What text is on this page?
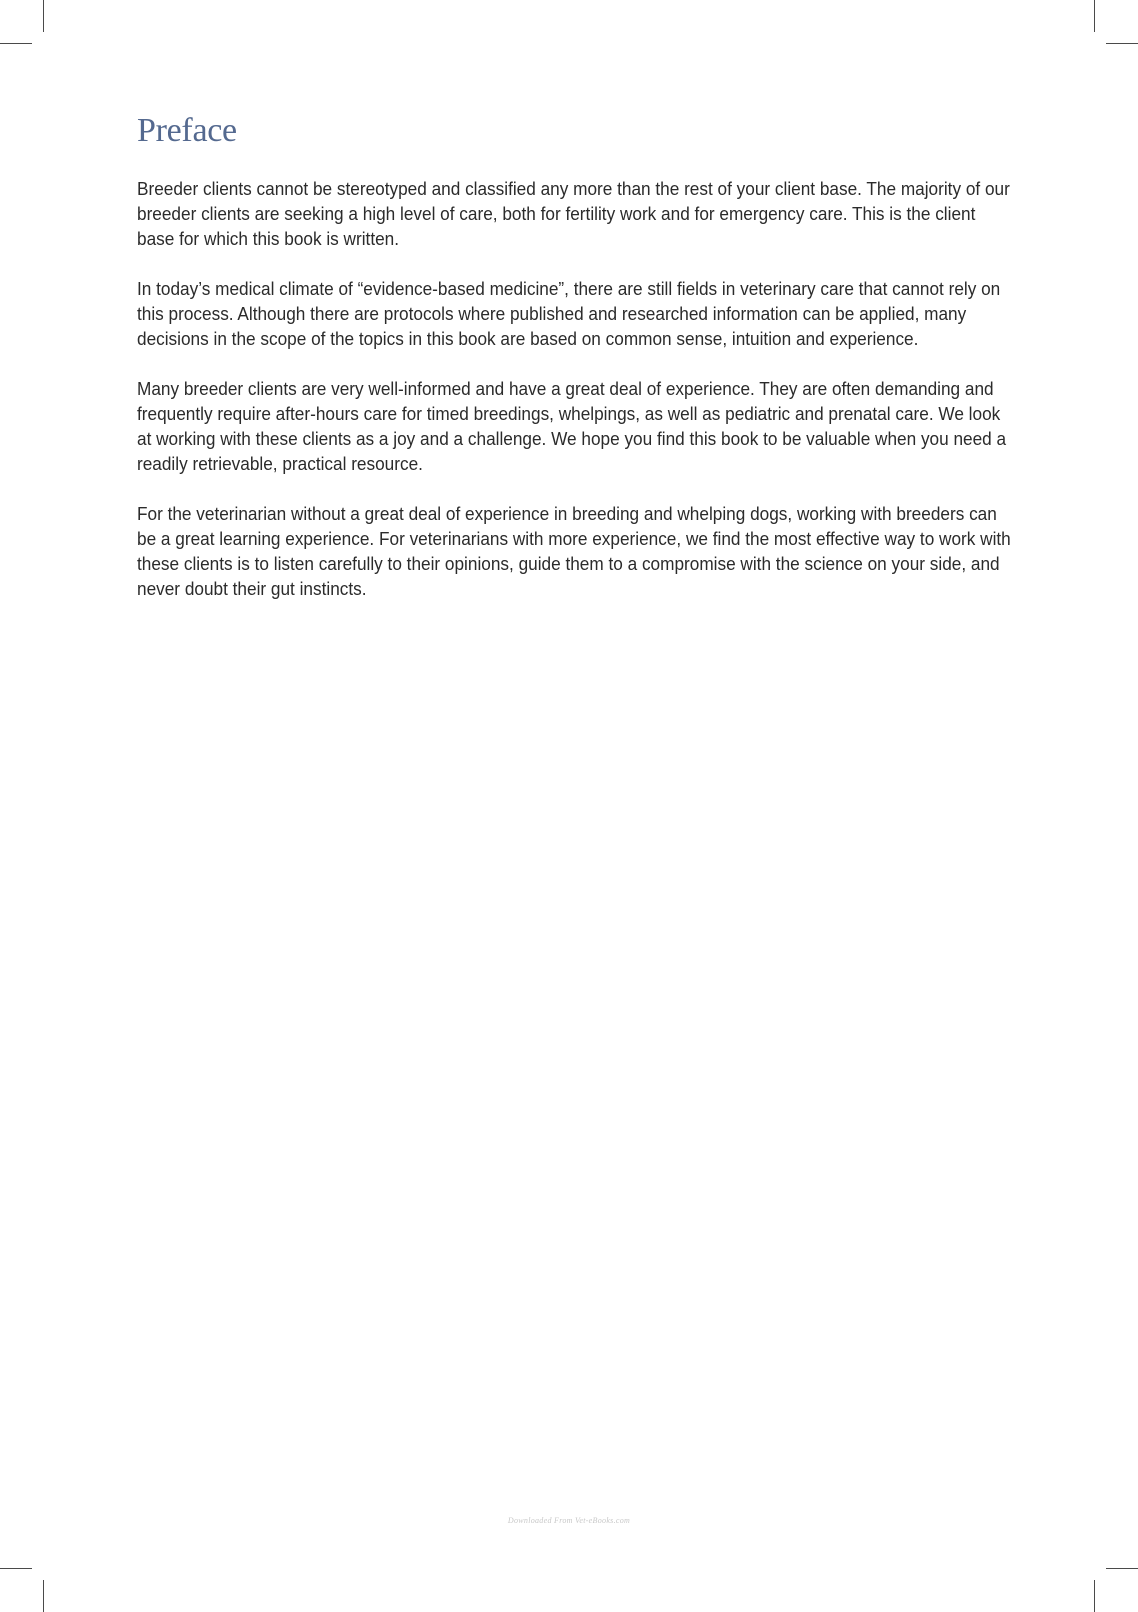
Preface

Breeder clients cannot be stereotyped and classified any more than the rest of your client base. The majority of our breeder clients are seeking a high level of care, both for fertility work and for emergency care. This is the client base for which this book is written.

In today’s medical climate of “evidence-based medicine”, there are still fields in veterinary care that cannot rely on this process. Although there are protocols where published and researched information can be applied, many decisions in the scope of the topics in this book are based on common sense, intuition and experience.

Many breeder clients are very well-informed and have a great deal of experience. They are often demanding and frequently require after-hours care for timed breedings, whelpings, as well as pediatric and prenatal care. We look at working with these clients as a joy and a challenge. We hope you find this book to be valuable when you need a readily retrievable, practical resource.

For the veterinarian without a great deal of experience in breeding and whelping dogs, working with breeders can be a great learning experience. For veterinarians with more experience, we find the most effective way to work with these clients is to listen carefully to their opinions, guide them to a compromise with the science on your side, and never doubt their gut instincts.

Downloaded From Vet-eBooks.com
